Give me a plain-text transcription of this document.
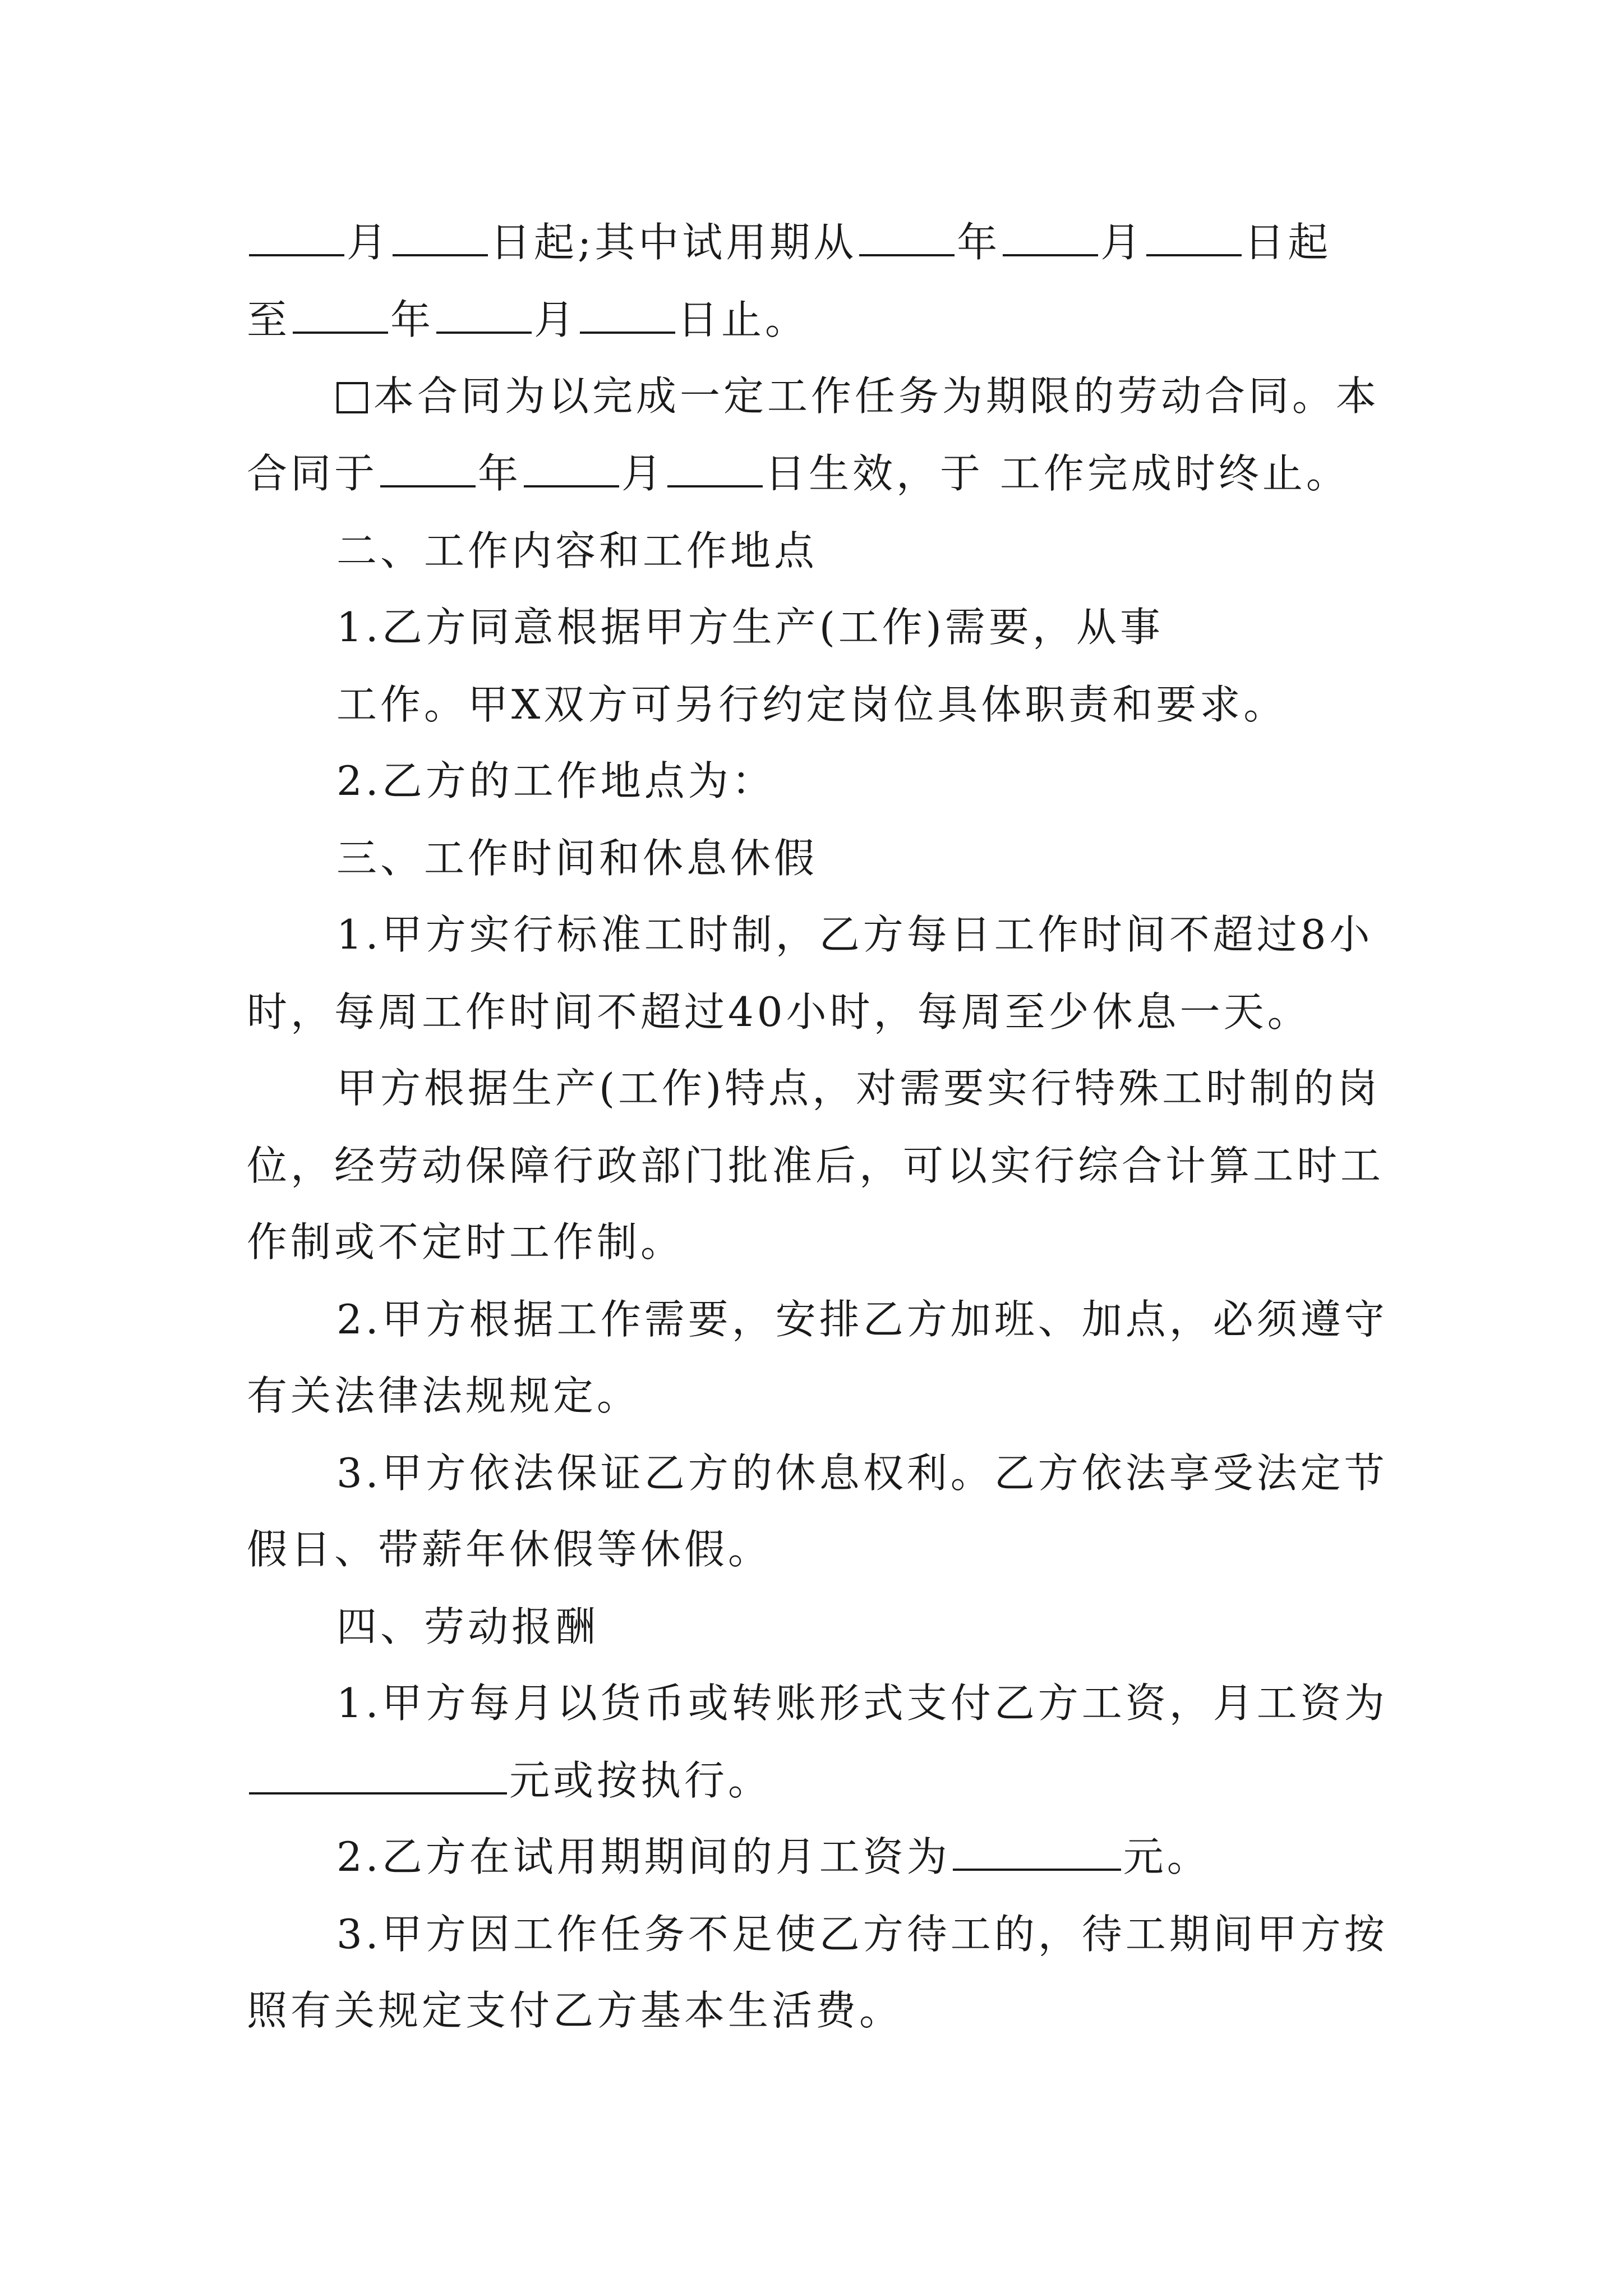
月 日起;其中试用期从 年 月 日起
至 年 月 日止。
本合同为以完成一定工作任务为期限的劳动合同。本
合同于 年 月 日生效，于 工作完成时终止。
二、工作内容和工作地点
1.乙方同意根据甲方生产(工作)需要，从事
工作。甲X双方可另行约定岗位具体职责和要求。
2.乙方的工作地点为：
三、工作时间和休息休假
1.甲方实行标准工时制，乙方每日工作时间不超过8小
时，每周工作时间不超过40小时，每周至少休息一天。
甲方根据生产(工作)特点，对需要实行特殊工时制的岗
位，经劳动保障行政部门批准后，可以实行综合计算工时工
作制或不定时工作制。
2.甲方根据工作需要，安排乙方加班、加点，必须遵守
有关法律法规规定。
3.甲方依法保证乙方的休息权利。乙方依法享受法定节
假日、带薪年休假等休假。
四、劳动报酬
1.甲方每月以货币或转账形式支付乙方工资，月工资为
元或按执行。
2.乙方在试用期期间的月工资为	元。
3.甲方因工作任务不足使乙方待工的，待工期间甲方按
照有关规定支付乙方基本生活费。
